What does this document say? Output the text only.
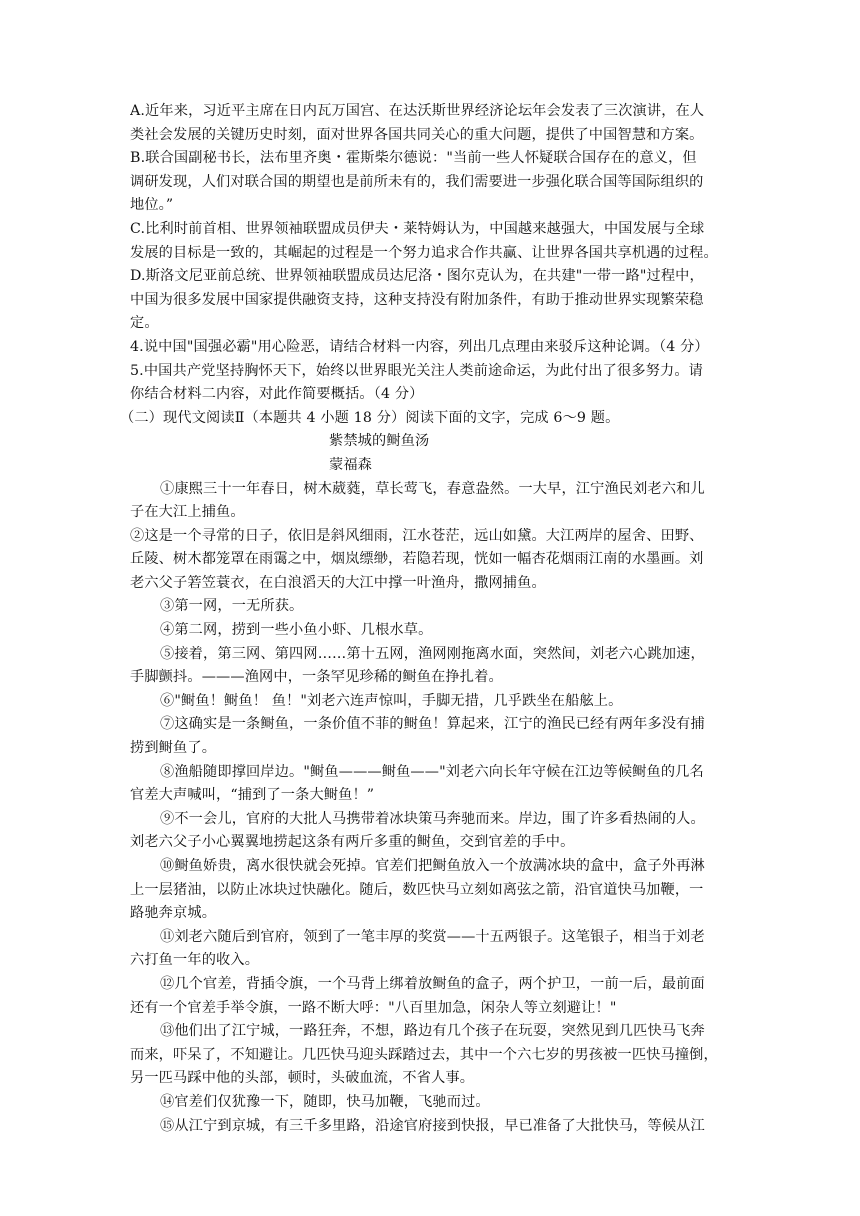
A.近年来，习近平主席在日内瓦万国宫、在达沃斯世界经济论坛年会发表了三次演讲，在人
类社会发展的关键历史时刻，面对世界各国共同关心的重大问题，提供了中国智慧和方案。
B.联合国副秘书长，法布里齐奥・霍斯柴尔德说："当前一些人怀疑联合国存在的意义，但
调研发现，人们对联合国的期望也是前所未有的，我们需要进一步强化联合国等国际组织的
地位。”
C.比利时前首相、世界领袖联盟成员伊夫・莱特姆认为，中国越来越强大，中国发展与全球
发展的目标是一致的，其崛起的过程是一个努力追求合作共赢、让世界各国共享机遇的过程。
D.斯洛文尼亚前总统、世界领袖联盟成员达尼洛・图尔克认为，在共建"一带一路"过程中，
中国为很多发展中国家提供融资支持，这种支持没有附加条件，有助于推动世界实现繁荣稳
定。
4.说中国"国强必霸"用心险恶，请结合材料一内容，列出几点理由来驳斥这种论调。（4 分）
5.中国共产党坚持胸怀天下，始终以世界眼光关注人类前途命运，为此付出了很多努力。请
你结合材料二内容，对此作简要概括。（4 分）
（二）现代文阅读Ⅱ（本题共 4 小题 18 分）阅读下面的文字，完成 6～9 题。
紫禁城的鲥鱼汤
蒙福森
①康熙三十一年春日，树木葳蕤，草长莺飞，春意盎然。一大早，江宁渔民刘老六和儿
子在大江上捕鱼。
②这是一个寻常的日子，依旧是斜风细雨，江水苍茫，远山如黛。大江两岸的屋舍、田野、
丘陵、树木都笼罩在雨霭之中，烟岚缥缈，若隐若现，恍如一幅杏花烟雨江南的水墨画。刘
老六父子箬笠蓑衣，在白浪滔天的大江中撑一叶渔舟，撒网捕鱼。
③第一网，一无所获。
④第二网，捞到一些小鱼小虾、几根水草。
⑤接着，第三网、第四网……第十五网，渔网刚拖离水面，突然间，刘老六心跳加速，
手脚颤抖。———渔网中，一条罕见珍稀的鲥鱼在挣扎着。
⑥"鲥鱼！鲥鱼！ 鱼！"刘老六连声惊叫，手脚无措，几乎跌坐在船舷上。
⑦这确实是一条鲥鱼，一条价值不菲的鲥鱼！算起来，江宁的渔民已经有两年多没有捕
捞到鲥鱼了。
⑧渔船随即撑回岸边。"鲥鱼———鲥鱼——"刘老六向长年守候在江边等候鲥鱼的几名
官差大声喊叫，“捕到了一条大鲥鱼！”
⑨不一会儿，官府的大批人马携带着冰块策马奔驰而来。岸边，围了许多看热闹的人。
刘老六父子小心翼翼地捞起这条有两斤多重的鲥鱼，交到官差的手中。
⑩鲥鱼娇贵，离水很快就会死掉。官差们把鲥鱼放入一个放满冰块的盒中，盒子外再淋
上一层猪油，以防止冰块过快融化。随后，数匹快马立刻如离弦之箭，沿官道快马加鞭，一
路驰奔京城。
⑪刘老六随后到官府，领到了一笔丰厚的奖赏——十五两银子。这笔银子，相当于刘老
六打鱼一年的收入。
⑫几个官差，背插令旗，一个马背上绑着放鲥鱼的盒子，两个护卫，一前一后，最前面
还有一个官差手举令旗，一路不断大呼："八百里加急，闲杂人等立刻避让！"
⑬他们出了江宁城，一路狂奔，不想，路边有几个孩子在玩耍，突然见到几匹快马飞奔
而来，吓呆了，不知避让。几匹快马迎头踩踏过去，其中一个六七岁的男孩被一匹快马撞倒，
另一匹马踩中他的头部，顿时，头破血流，不省人事。
⑭官差们仅犹豫一下，随即，快马加鞭，飞驰而过。
⑮从江宁到京城，有三千多里路，沿途官府接到快报，早已准备了大批快马，等候从江
